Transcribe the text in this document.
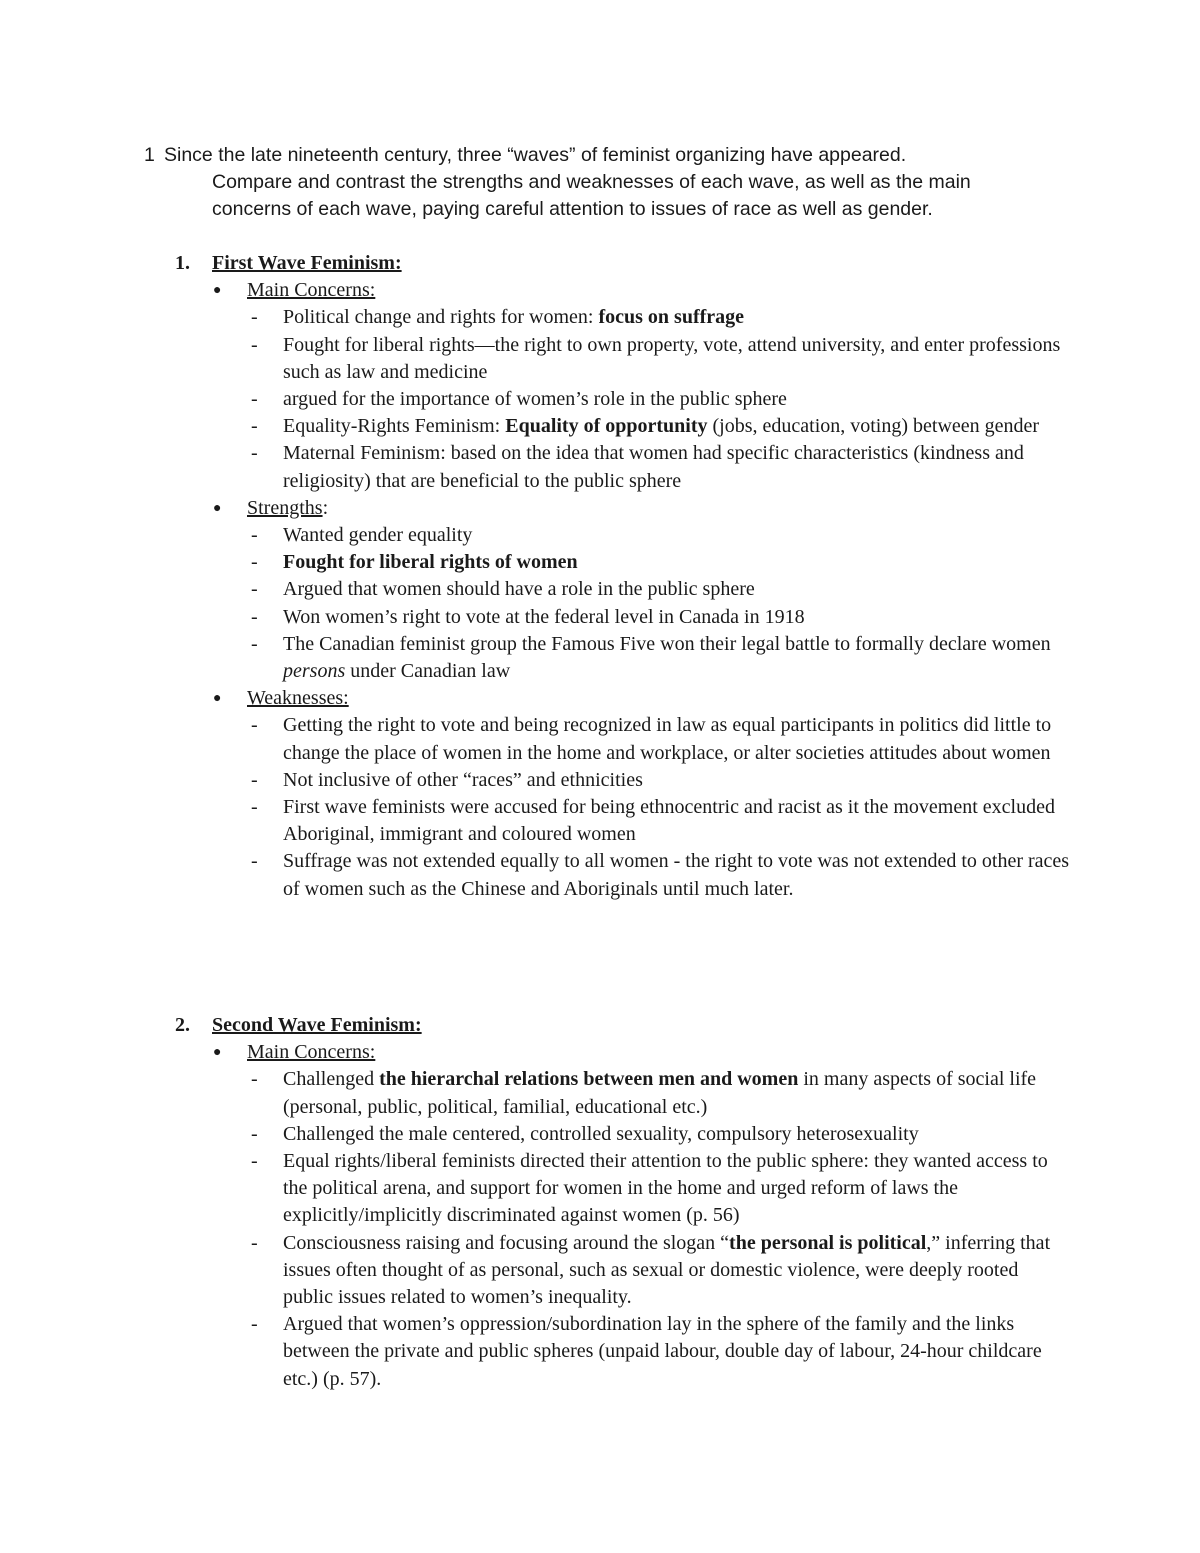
1 Since the late nineteenth century, three “waves” of feminist organizing have appeared.
Compare and contrast the strengths and weaknesses of each wave, as well as the main
concerns of each wave, paying careful attention to issues of race as well as gender.
1. First Wave Feminism:
● Main Concerns:
- Political change and rights for women: focus on suffrage
- Fought for liberal rights—the right to own property, vote, attend university, and enter professions such as law and medicine
- argued for the importance of women’s role in the public sphere
- Equality-Rights Feminism: Equality of opportunity (jobs, education, voting) between gender
- Maternal Feminism: based on the idea that women had specific characteristics (kindness and religiosity) that are beneficial to the public sphere
● Strengths:
- Wanted gender equality
- Fought for liberal rights of women
- Argued that women should have a role in the public sphere
- Won women’s right to vote at the federal level in Canada in 1918
- The Canadian feminist group the Famous Five won their legal battle to formally declare women persons under Canadian law
● Weaknesses:
- Getting the right to vote and being recognized in law as equal participants in politics did little to change the place of women in the home and workplace, or alter societies attitudes about women
- Not inclusive of other “races” and ethnicities
- First wave feminists were accused for being ethnocentric and racist as it the movement excluded Aboriginal, immigrant and coloured women
- Suffrage was not extended equally to all women - the right to vote was not extended to other races of women such as the Chinese and Aboriginals until much later.
2. Second Wave Feminism:
● Main Concerns:
- Challenged the hierarchal relations between men and women in many aspects of social life (personal, public, political, familial, educational etc.)
- Challenged the male centered, controlled sexuality, compulsory heterosexuality
- Equal rights/liberal feminists directed their attention to the public sphere: they wanted access to the political arena, and support for women in the home and urged reform of laws the explicitly/implicitly discriminated against women (p. 56)
- Consciousness raising and focusing around the slogan “the personal is political,” inferring that issues often thought of as personal, such as sexual or domestic violence, were deeply rooted public issues related to women’s inequality.
- Argued that women’s oppression/subordination lay in the sphere of the family and the links between the private and public spheres (unpaid labour, double day of labour, 24-hour childcare etc.) (p. 57).
